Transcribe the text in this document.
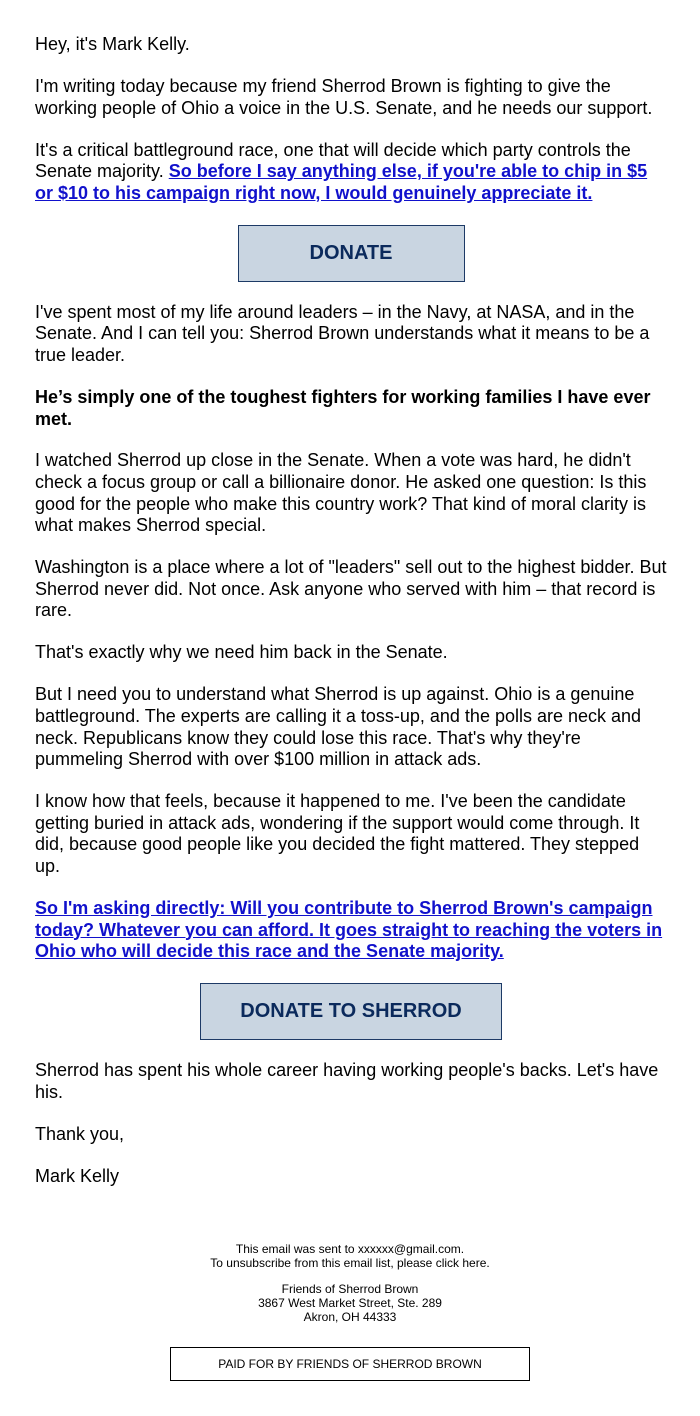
Hey, it's Mark Kelly.

I'm writing today because my friend Sherrod Brown is fighting to give the working people of Ohio a voice in the U.S. Senate, and he needs our support.

It's a critical battleground race, one that will decide which party controls the Senate majority. So before I say anything else, if you're able to chip in $5 or $10 to his campaign right now, I would genuinely appreciate it.

DONATE

I've spent most of my life around leaders – in the Navy, at NASA, and in the Senate. And I can tell you: Sherrod Brown understands what it means to be a true leader.

He’s simply one of the toughest fighters for working families I have ever met.

I watched Sherrod up close in the Senate. When a vote was hard, he didn't check a focus group or call a billionaire donor. He asked one question: Is this good for the people who make this country work? That kind of moral clarity is what makes Sherrod special.

Washington is a place where a lot of "leaders" sell out to the highest bidder. But Sherrod never did. Not once. Ask anyone who served with him – that record is rare.

That's exactly why we need him back in the Senate.

But I need you to understand what Sherrod is up against. Ohio is a genuine battleground. The experts are calling it a toss-up, and the polls are neck and neck. Republicans know they could lose this race. That's why they're pummeling Sherrod with over $100 million in attack ads.

I know how that feels, because it happened to me. I've been the candidate getting buried in attack ads, wondering if the support would come through. It did, because good people like you decided the fight mattered. They stepped up.

So I'm asking directly: Will you contribute to Sherrod Brown's campaign today? Whatever you can afford. It goes straight to reaching the voters in Ohio who will decide this race and the Senate majority.

DONATE TO SHERROD

Sherrod has spent his whole career having working people's backs. Let's have his.

Thank you,

Mark Kelly

This email was sent to xxxxxx@gmail.com.
To unsubscribe from this email list, please click here.
Friends of Sherrod Brown
3867 West Market Street, Ste. 289
Akron, OH 44333
PAID FOR BY FRIENDS OF SHERROD BROWN
